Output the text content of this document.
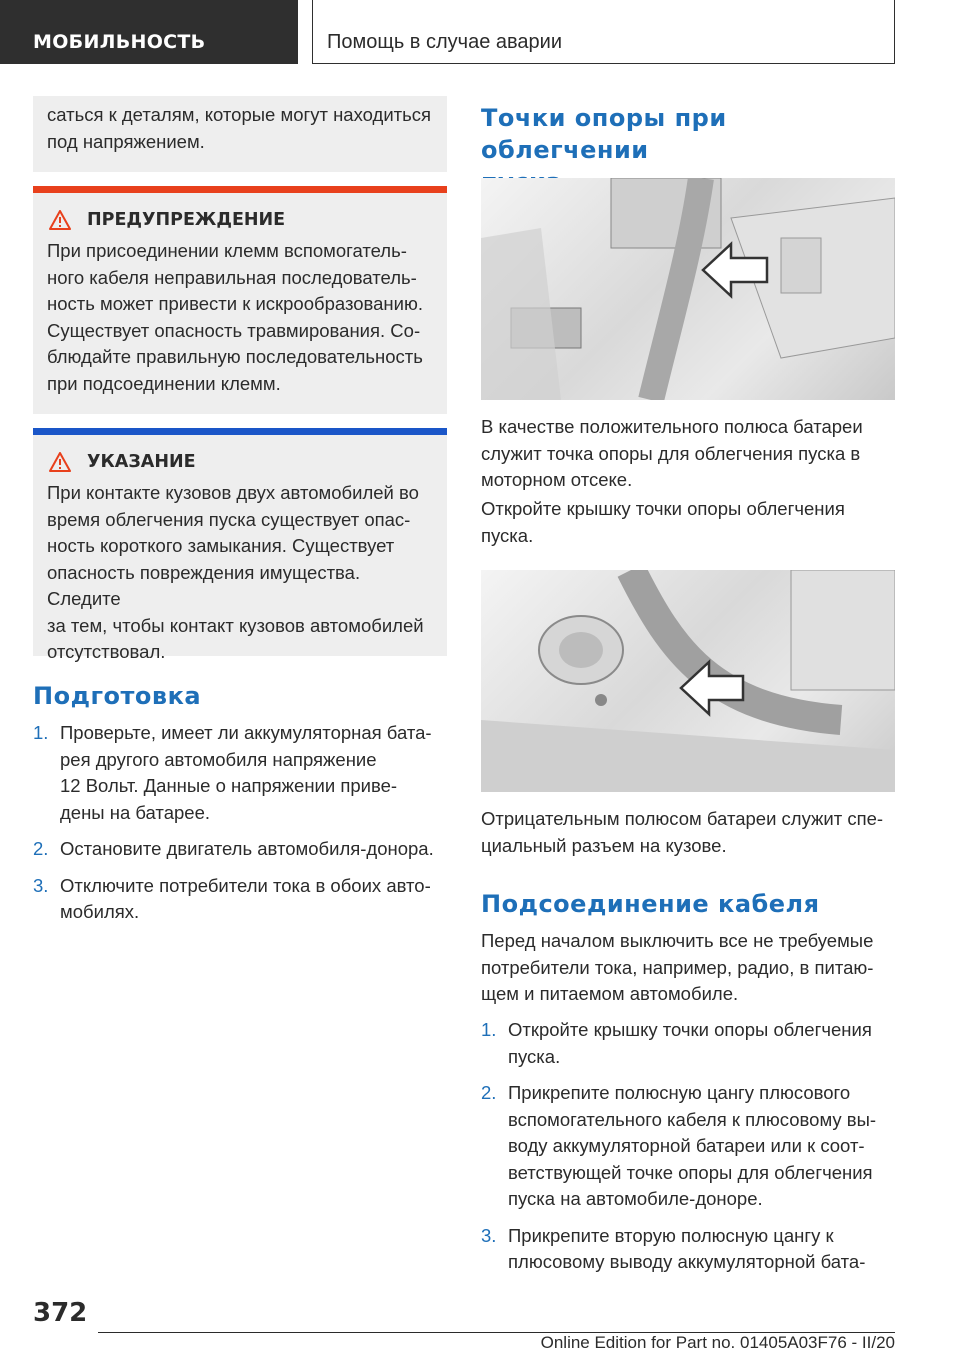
МОБИЛЬНОСТЬ	Помощь в случае аварии

саться к деталям, которые могут находиться

под напряжением.

ПРЕДУПРЕЖДЕНИЕ

При присоединении клемм вспомогатель-

ного кабеля неправильная последователь-

ность может привести к искрообразованию.

Существует опасность травмирования. Со-

блюдайте правильную последовательность

при подсоединении клемм.

УКАЗАНИЕ

При контакте кузовов двух автомобилей во

время облегчения пуска существует опас-

ность короткого замыкания. Существует

опасность повреждения имущества. Следите

за тем, чтобы контакт кузовов автомобилей

отсутствовал.

Подготовка
1. Проверьте, имеет ли аккумуляторная бата-
рея другого автомобиля напряжение
12 Вольт. Данные о напряжении приве-
дены на батарее.
2. Остановите двигатель автомобиля-донора.
3. Отключите потребители тока в обоих авто-
мобилях.
Точки опоры при облегчении

В качестве положительного полюса батареи

служит точка опоры для облегчения пуска в

моторном отсеке.

Откройте крышку точки опоры облегчения

пуска.

Отрицательным полюсом батареи служит спе-

циальный разъем на кузове.

Подсоединение кабеля

Перед началом выключить все не требуемые

потребители тока, например, радио, в питаю-

щем и питаемом автомобиле.

1. Откройте крышку точки опоры облегчения
пуска.
2. Прикрепите полюсную цангу плюсового
вспомогательного кабеля к плюсовому вы-
воду аккумуляторной батареи или к соот-
ветствующей точке опоры для облегчения
пуска на автомобиле-доноре.
3. Прикрепите вторую полюсную цангу к
плюсовому выводу аккумуляторной бата-
372
Online Edition for Part no. 01405A03F76 - II/20
